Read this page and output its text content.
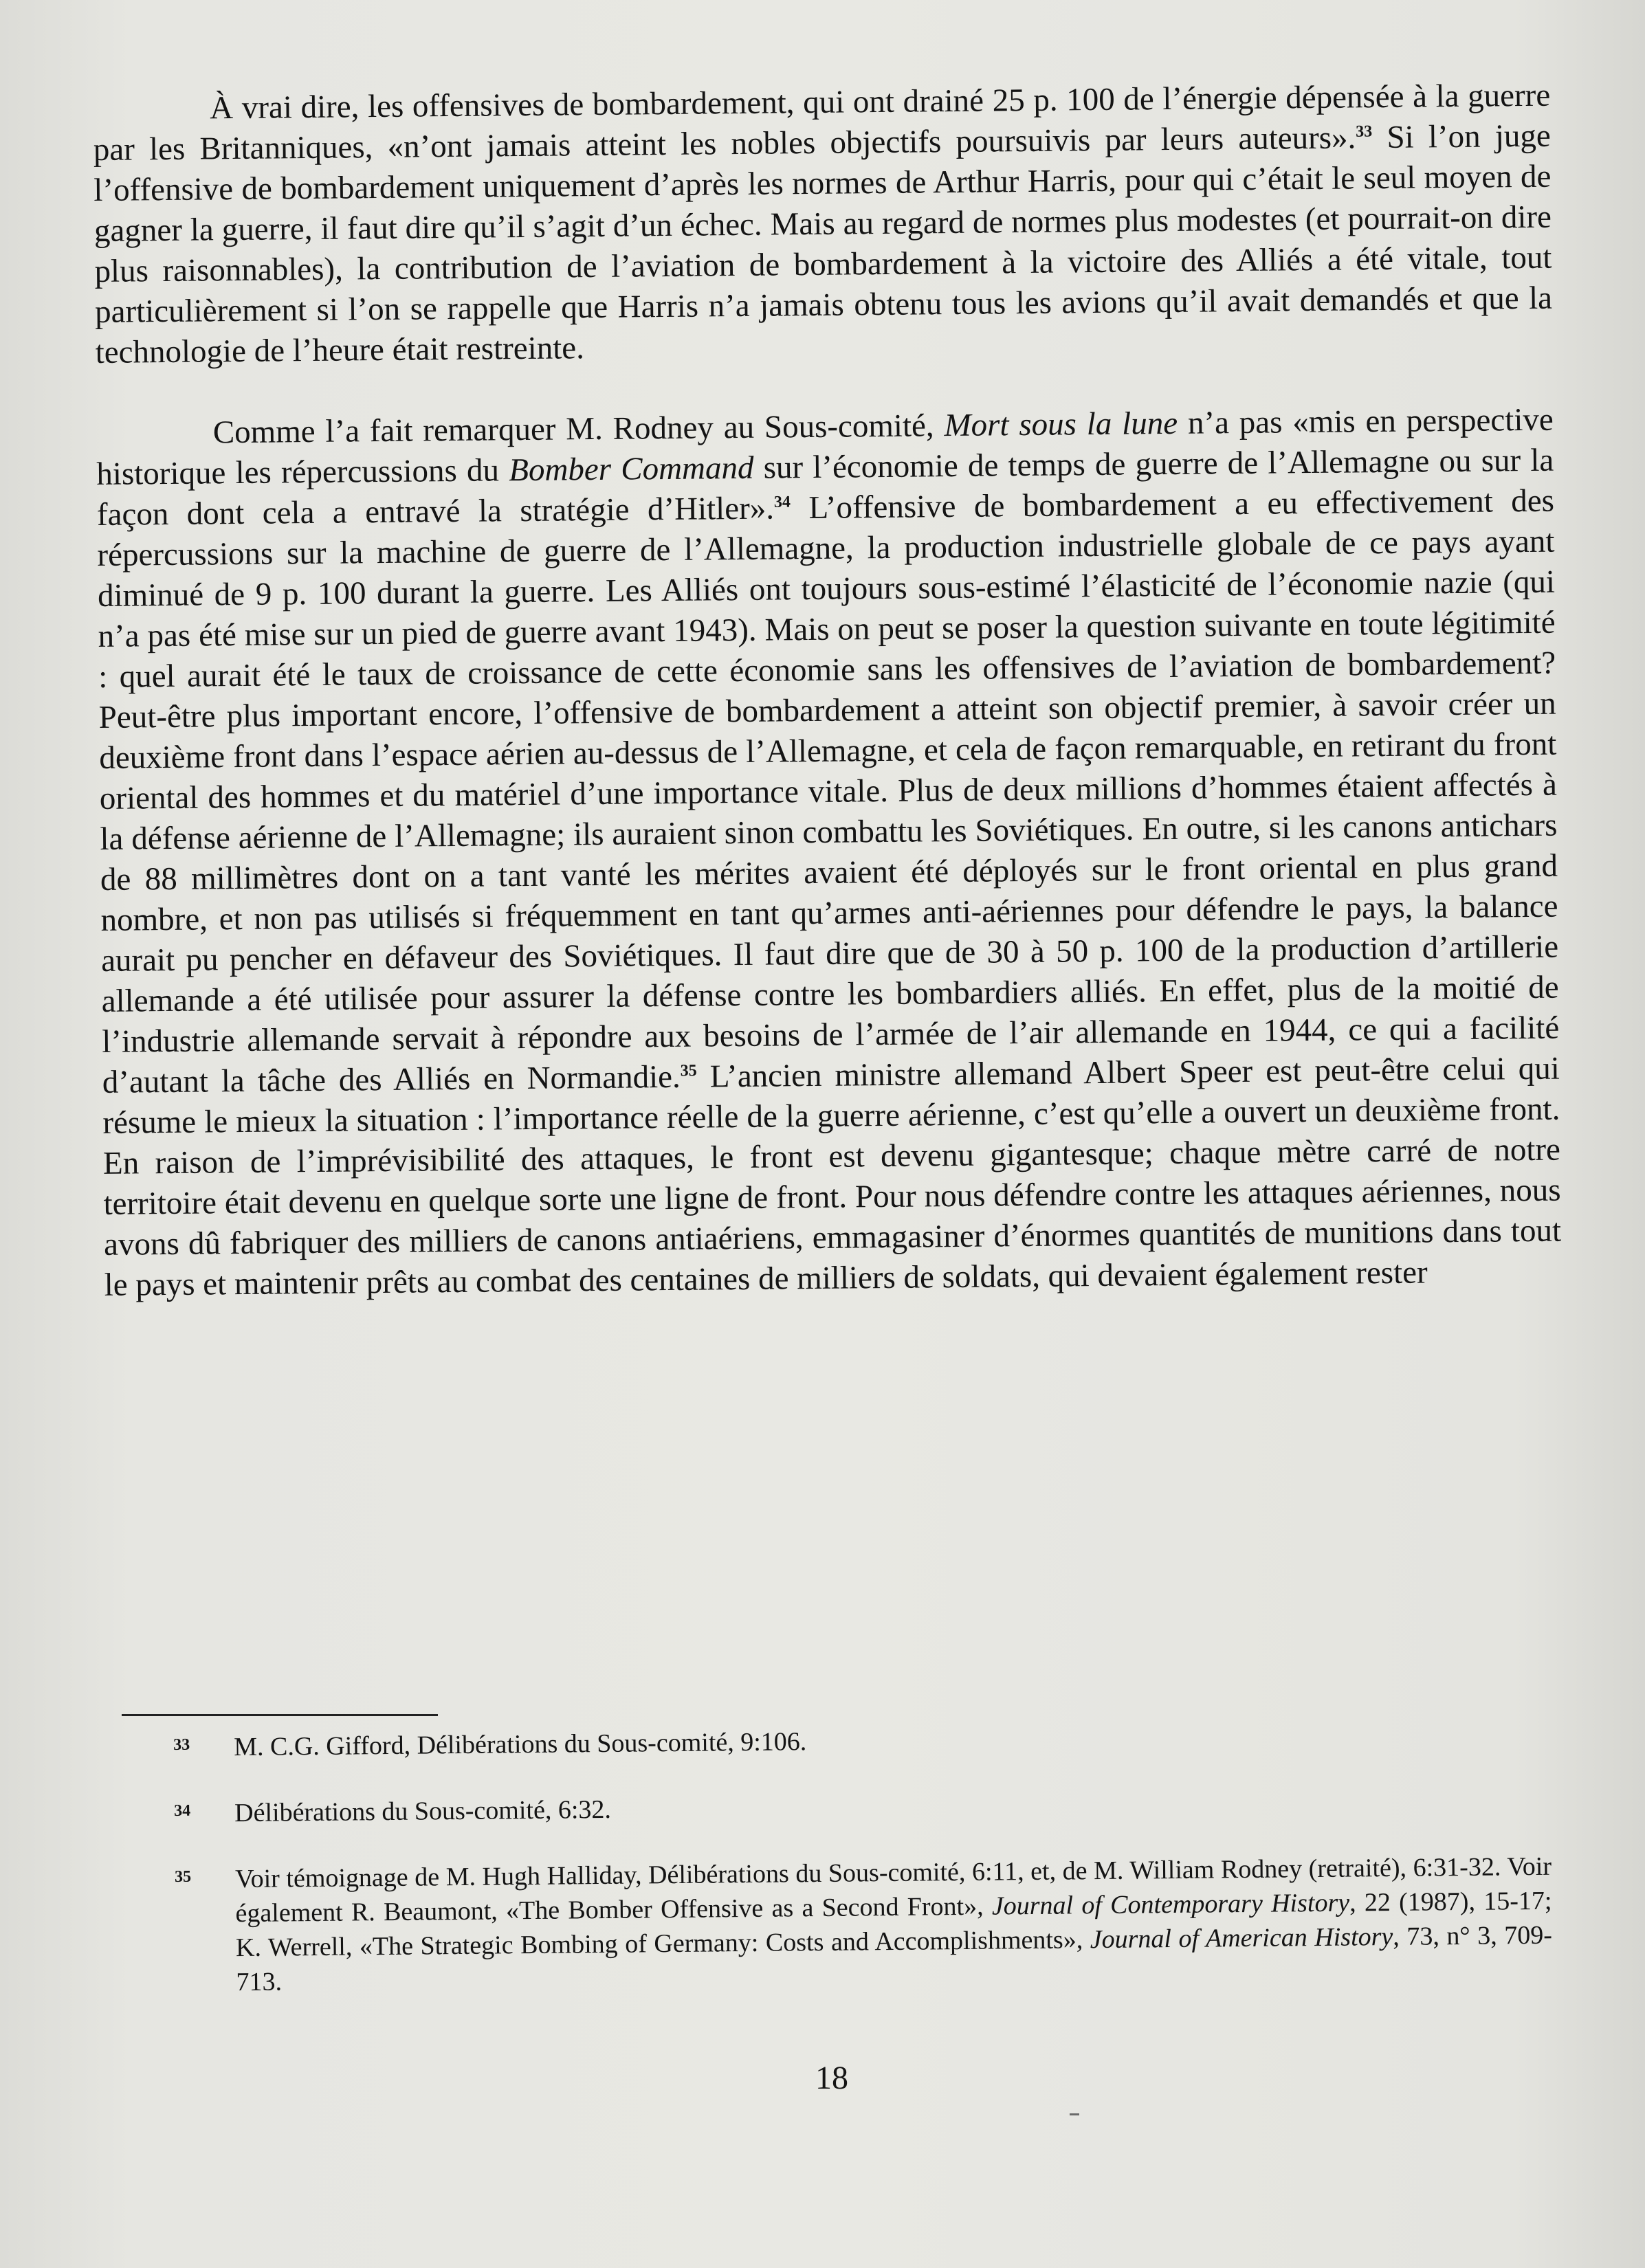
À vrai dire, les offensives de bombardement, qui ont drainé 25 p. 100 de l’énergie dépensée à la guerre par les Britanniques, «n’ont jamais atteint les nobles objectifs poursuivis par leurs auteurs».$^{33}$ Si l’on juge l’offensive de bombardement uniquement d’après les normes de Arthur Harris, pour qui c’était le seul moyen de gagner la guerre, il faut dire qu’il s’agit d’un échec. Mais au regard de normes plus modestes (et pourrait-on dire plus raisonnables), la contribution de l’aviation de bombardement à la victoire des Alliés a été vitale, tout particulièrement si l’on se rappelle que Harris n’a jamais obtenu tous les avions qu’il avait demandés et que la technologie de l’heure était restreinte.

Comme l’a fait remarquer M. Rodney au Sous-comité, Mort sous la lune n’a pas «mis en perspective historique les répercussions du Bomber Command sur l’économie de temps de guerre de l’Allemagne ou sur la façon dont cela a entravé la stratégie d’Hitler».$^{34}$ L’offensive de bombardement a eu effectivement des répercussions sur la machine de guerre de l’Allemagne, la production industrielle globale de ce pays ayant diminué de 9 p. 100 durant la guerre. Les Alliés ont toujours sous-estimé l’élasticité de l’économie nazie (qui n’a pas été mise sur un pied de guerre avant 1943). Mais on peut se poser la question suivante en toute légitimité : quel aurait été le taux de croissance de cette économie sans les offensives de l’aviation de bombardement? Peut-être plus important encore, l’offensive de bombardement a atteint son objectif premier, à savoir créer un deuxième front dans l’espace aérien au-dessus de l’Allemagne, et cela de façon remarquable, en retirant du front oriental des hommes et du matériel d’une importance vitale. Plus de deux millions d’hommes étaient affectés à la défense aérienne de l’Allemagne; ils auraient sinon combattu les Soviétiques. En outre, si les canons antichars de 88 millimètres dont on a tant vanté les mérites avaient été déployés sur le front oriental en plus grand nombre, et non pas utilisés si fréquemment en tant qu’armes anti-aériennes pour défendre le pays, la balance aurait pu pencher en défaveur des Soviétiques. Il faut dire que de 30 à 50 p. 100 de la production d’artillerie allemande a été utilisée pour assurer la défense contre les bombardiers alliés. En effet, plus de la moitié de l’industrie allemande servait à répondre aux besoins de l’armée de l’air allemande en 1944, ce qui a facilité d’autant la tâche des Alliés en Normandie.$^{35}$ L’ancien ministre allemand Albert Speer est peut-être celui qui résume le mieux la situation : l’importance réelle de la guerre aérienne, c’est qu’elle a ouvert un deuxième front. En raison de l’imprévisibilité des attaques, le front est devenu gigantesque; chaque mètre carré de notre territoire était devenu en quelque sorte une ligne de front. Pour nous défendre contre les attaques aériennes, nous avons dû fabriquer des milliers de canons antiaériens, emmagasiner d’énormes quantités de munitions dans tout le pays et maintenir prêts au combat des centaines de milliers de soldats, qui devaient également rester

33 M. C.G. Gifford, Délibérations du Sous-comité, 9:106.
34 Délibérations du Sous-comité, 6:32.
35 Voir témoignage de M. Hugh Halliday, Délibérations du Sous-comité, 6:11, et, de M. William Rodney (retraité), 6:31-32. Voir également R. Beaumont, «The Bomber Offensive as a Second Front», Journal of Contemporary History, 22 (1987), 15-17; K. Werrell, «The Strategic Bombing of Germany: Costs and Accomplishments», Journal of American History, 73, n° 3, 709-713.
18
